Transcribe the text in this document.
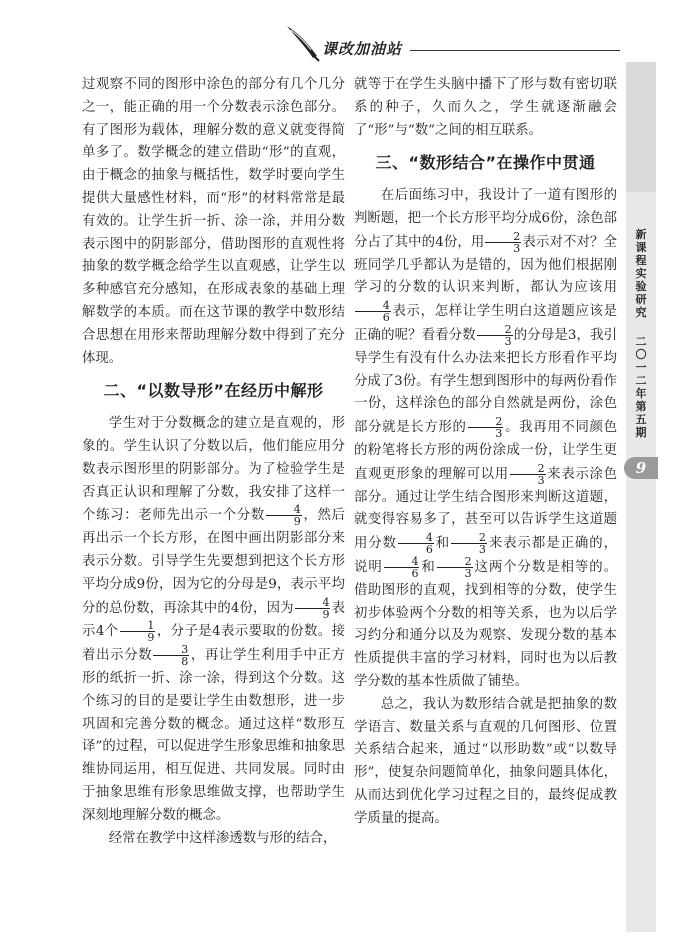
课改加油站

过观察不同的图形中涂色的部分有几个几分之一，能正确的用一个分数表示涂色部分。有了图形为载体，理解分数的意义就变得简单多了。数学概念的建立借助“形”的直观，由于概念的抽象与概括性，数学时要向学生提供大量感性材料，而“形”的材料常常是最有效的。让学生折一折、涂一涂，并用分数表示图中的阴影部分，借助图形的直观性将抽象的数学概念给学生以直观感，让学生以多种感官充分感知，在形成表象的基础上理解数学的本质。而在这节课的教学中数形结合思想在用形来帮助理解分数中得到了充分体现。

二、“以数导形”在经历中解形

学生对于分数概念的建立是直观的，形象的。学生认识了分数以后，他们能应用分数表示图形里的阴影部分。为了检验学生是否真正认识和理解了分数，我安排了这样一个练习：老师先出示一个分数 $\frac{4}{9}$ ，然后再出示一个长方形，在图中画出阴影部分来表示分数。引导学生先要想到把这个长方形平均分成9份，因为它的分母是9，表示平均分的总份数，再涂其中的4份，因为 $\frac{4}{9}$ 表示4个 $\frac{1}{9}$ ，分子是4表示要取的份数。接着出示分数 $\frac{3}{8}$ ，再让学生利用手中正方形的纸折一折、涂一涂，得到这个分数。这个练习的目的是要让学生由数想形，进一步巩固和完善分数的概念。通过这样“数形互译”的过程，可以促进学生形象思维和抽象思维协同运用，相互促进、共同发展。同时由于抽象思维有形象思维做支撑，也帮助学生深刻地理解分数的概念。

经常在教学中这样渗透数与形的结合，

就等于在学生头脑中播下了形与数有密切联系的种子，久而久之，学生就逐渐融会了“形”与“数”之间的相互联系。

三、“数形结合”在操作中贯通

在后面练习中，我设计了一道有图形的判断题，把一个长方形平均分成6份，涂色部分占了其中的4份，用 $\frac{2}{3}$ 表示对不对？全班同学几乎都认为是错的，因为他们根据刚学习的分数的认识来判断，都认为应该用
$\frac{4}{6}$ 表示，怎样让学生明白这道题应该是正确的呢？看看分数 $\frac{2}{3}$ 的分母是3，我引导学生有没有什么办法来把长方形看作平均分成了3份。有学生想到图形中的每两份看作一份，这样涂色的部分自然就是两份，涂色部分就是长方形的 $\frac{2}{3}$ 。我再用不同颜色的粉笔将长方形的两份涂成一份，让学生更直观更形象的理解可以用 $\frac{2}{3}$ 来表示涂色部分。通过让学生结合图形来判断这道题，就变得容易多了，甚至可以告诉学生这道题用分数 $\frac{4}{6}$ 和 $\frac{2}{3}$ 来表示都是正确的，说明 $\frac{4}{6}$ 和 $\frac{2}{3}$ 这两个分数是相等的。借助图形的直观，找到相等的分数，使学生初步体验两个分数的相等关系，也为以后学习约分和通分以及为观察、发现分数的基本性质提供丰富的学习材料，同时也为以后教学分数的基本性质做了铺垫。

总之，我认为数形结合就是把抽象的数学语言、数量关系与直观的几何图形、位置关系结合起来，通过“以形助数”或“以数导形”，使复杂问题简单化，抽象问题具体化，从而达到优化学习过程之目的，最终促成教学质量的提高。

新
课
程
实
验
研
究
二
〇
一
二
年
第
五
期
9
